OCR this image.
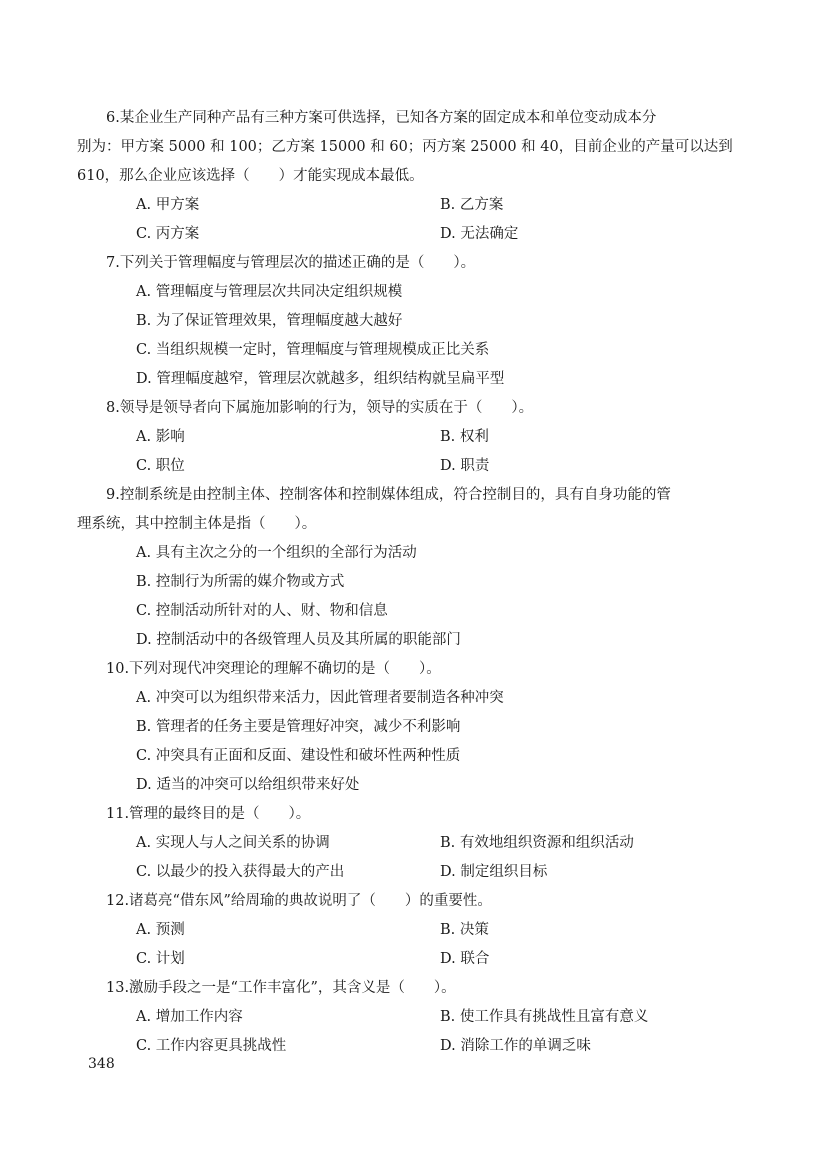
6.某企业生产同种产品有三种方案可供选择，已知各方案的固定成本和单位变动成本分
别为：甲方案 5000 和 100；乙方案 15000 和 60；丙方案 25000 和 40，目前企业的产量可以达到
610，那么企业应该选择（　　）才能实现成本最低。
A. 甲方案	B. 乙方案
C. 丙方案	D. 无法确定
7.下列关于管理幅度与管理层次的描述正确的是（　　）。
A. 管理幅度与管理层次共同决定组织规模
B. 为了保证管理效果，管理幅度越大越好
C. 当组织规模一定时，管理幅度与管理规模成正比关系
D. 管理幅度越窄，管理层次就越多，组织结构就呈扁平型
8.领导是领导者向下属施加影响的行为，领导的实质在于（　　）。
A. 影响	B. 权利
C. 职位	D. 职责
9.控制系统是由控制主体、控制客体和控制媒体组成，符合控制目的，具有自身功能的管
理系统，其中控制主体是指（　　）。
A. 具有主次之分的一个组织的全部行为活动
B. 控制行为所需的媒介物或方式
C. 控制活动所针对的人、财、物和信息
D. 控制活动中的各级管理人员及其所属的职能部门
10.下列对现代冲突理论的理解不确切的是（　　）。
A. 冲突可以为组织带来活力，因此管理者要制造各种冲突
B. 管理者的任务主要是管理好冲突，减少不利影响
C. 冲突具有正面和反面、建设性和破坏性两种性质
D. 适当的冲突可以给组织带来好处
11.管理的最终目的是（　　）。
A. 实现人与人之间关系的协调	B. 有效地组织资源和组织活动
C. 以最少的投入获得最大的产出	D. 制定组织目标
12.诸葛亮“借东风”给周瑜的典故说明了（　　）的重要性。
A. 预测	B. 决策
C. 计划	D. 联合
13.激励手段之一是“工作丰富化”，其含义是（　　）。
A. 增加工作内容	B. 使工作具有挑战性且富有意义
C. 工作内容更具挑战性	D. 消除工作的单调乏味
348
